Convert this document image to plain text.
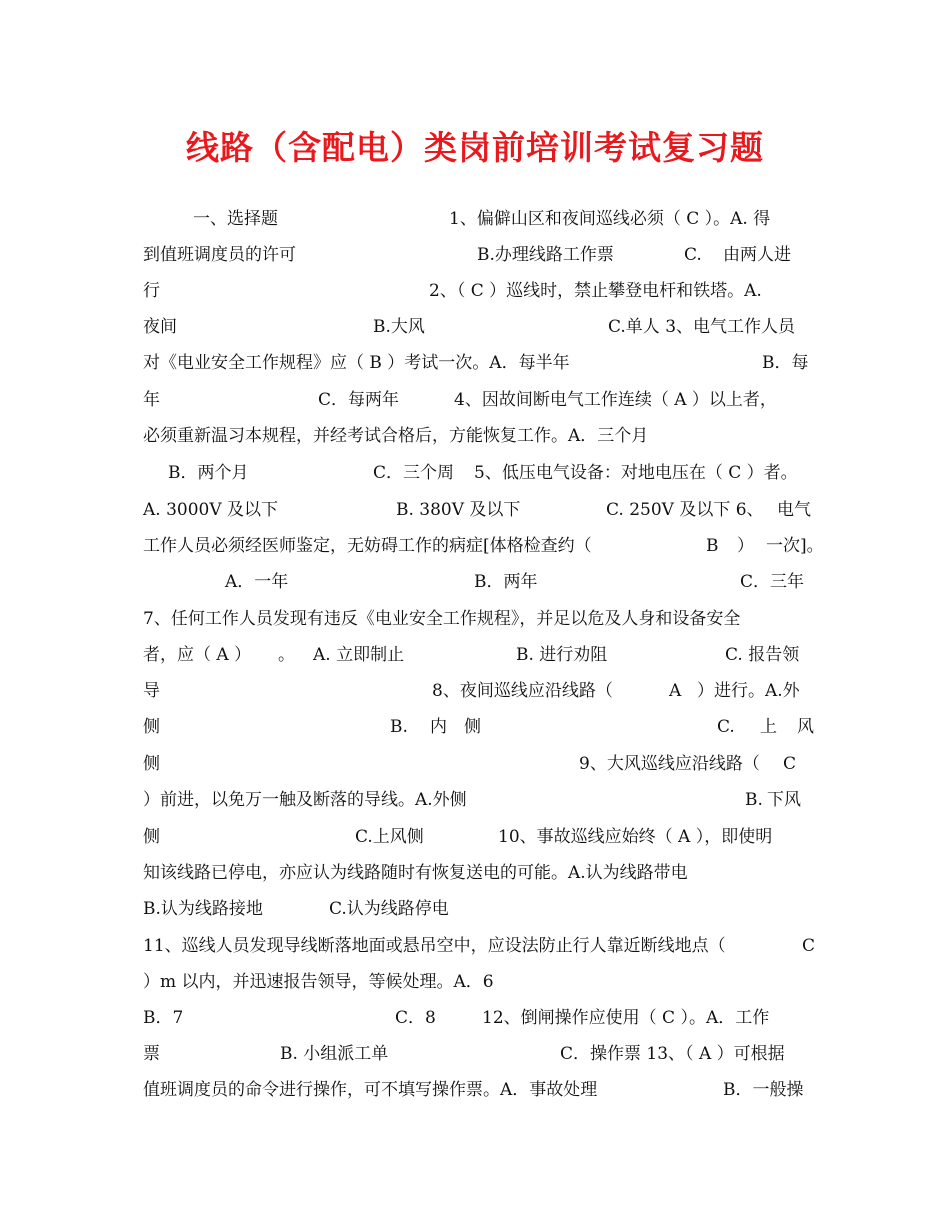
线路（含配电）类岗前培训考试复习题
一、选择题	1、偏僻山区和夜间巡线必须（ C ）。A. 得
到值班调度员的许可	B.办理线路工作票	C. 由两人进
行	2、（ C ）巡线时，禁止攀登电杆和铁塔。A.
夜间	B.大风	C.单人 3、电气工作人员
对《电业安全工作规程》应（ B ）考试一次。A．每半年	B．每
年	C．每两年	4、因故间断电气工作连续（ A ）以上者，
必须重新温习本规程，并经考试合格后，方能恢复工作。A．三个月
B．两个月	C．三个周 5、低压电气设备：对地电压在（ C ）者。
A. 3000V 及以下	B. 380V 及以下	C. 250V 及以下 6、 电气
工作人员必须经医师鉴定，无妨碍工作的病症[体格检查约（	B ） 一次]。
A．一年	B．两年	C．三年
7、任何工作人员发现有违反《电业安全工作规程》，并足以危及人身和设备安全
者，应（ A ） 。 A. 立即制止	B. 进行劝阻	C. 报告领
导	8、夜间巡线应沿线路（	A ）进行。A.外
侧	B. 内 侧	C. 上 风
侧	9、大风巡线应沿线路（ C
）前进，以免万一触及断落的导线。A.外侧	B. 下风
侧	C.上风侧	10、事故巡线应始终（ A ），即使明
知该线路已停电，亦应认为线路随时有恢复送电的可能。A.认为线路带电
B.认为线路接地	C.认为线路停电
11、巡线人员发现导线断落地面或悬吊空中，应设法防止行人靠近断线地点（	C
）m 以内，并迅速报告领导，等候处理。A．6
B．7	C．8	12、倒闸操作应使用（ C ）。A．工作
票	B. 小组派工单	C．操作票 13、（ A ）可根据
值班调度员的命令进行操作，可不填写操作票。A．事故处理	B．一般操
